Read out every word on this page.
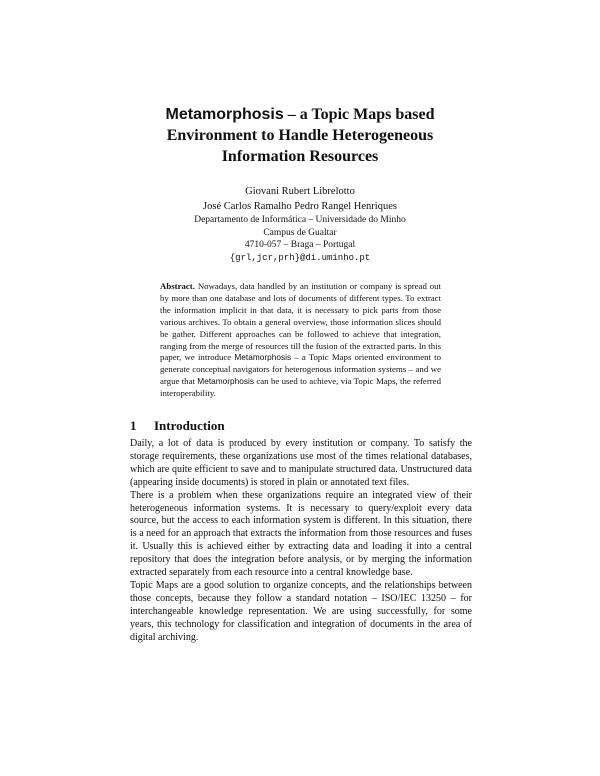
Metamorphosis – a Topic Maps based
Environment to Handle Heterogeneous
Information Resources
Giovani Rubert Librelotto
José Carlos Ramalho Pedro Rangel Henriques
Departamento de Informática – Universidade do Minho
Campus de Gualtar
4710-057 – Braga – Portugal
{grl,jcr,prh}@di.uminho.pt
Abstract. Nowadays, data handled by an institution or company is spread out by more than one database and lots of documents of different types. To extract the information implicit in that data, it is necessary to pick parts from those various archives. To obtain a general overview, those information slices should be gather. Different approaches can be followed to achieve that integration, ranging from the merge of resources till the fusion of the extracted parts. In this paper, we introduce Metamorphosis – a Topic Maps oriented environment to generate conceptual navigators for heterogenous information systems – and we argue that Metamorphosis can be used to achieve, via Topic Maps, the referred interoperability.
1 Introduction

Daily, a lot of data is produced by every institution or company. To satisfy the storage requirements, these organizations use most of the times relational databases, which are quite efficient to save and to manipulate structured data. Unstructured data (appearing inside documents) is stored in plain or annotated text files.

There is a problem when these organizations require an integrated view of their heterogeneous information systems. It is necessary to query/exploit every data source, but the access to each information system is different. In this situation, there is a need for an approach that extracts the information from those resources and fuses it. Usually this is achieved either by extracting data and loading it into a central repository that does the integration before analysis, or by merging the information extracted separately from each resource into a central knowledge base.

Topic Maps are a good solution to organize concepts, and the relationships between those concepts, because they follow a standard notation – ISO/IEC 13250 – for interchangeable knowledge representation. We are using successfully, for some years, this technology for classification and integration of documents in the area of digital archiving.
